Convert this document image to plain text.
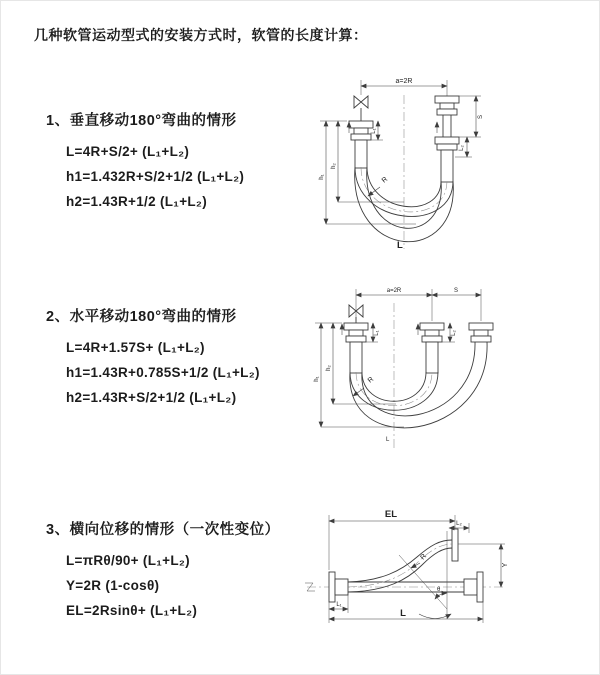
几种软管运动型式的安装方式时，软管的长度计算：

1、垂直移动180°弯曲的情形

L=4R+S/2+ (L₁+L₂)

h1=1.432R+S/2+1/2 (L₁+L₂)

h2=1.43R+1/2 (L₁+L₂)

2、水平移动180°弯曲的情形

L=4R+1.57S+ (L₁+L₂)

h1=1.43R+0.785S+1/2 (L₁+L₂)

h2=1.43R+S/2+1/2 (L₁+L₂)

3、横向位移的情形（一次性变位）

L=πRθ/90+ (L₁+L₂)

Y=2R (1-cosθ)

EL=2Rsinθ+ (L₁+L₂)

a=2R
h₁
h₂
L₁
S
L₂
R
L
a=2R	S
h₁
h₂
L₁	L₂
R
L
EL
L₂
Y
θ
R
L₁
L
